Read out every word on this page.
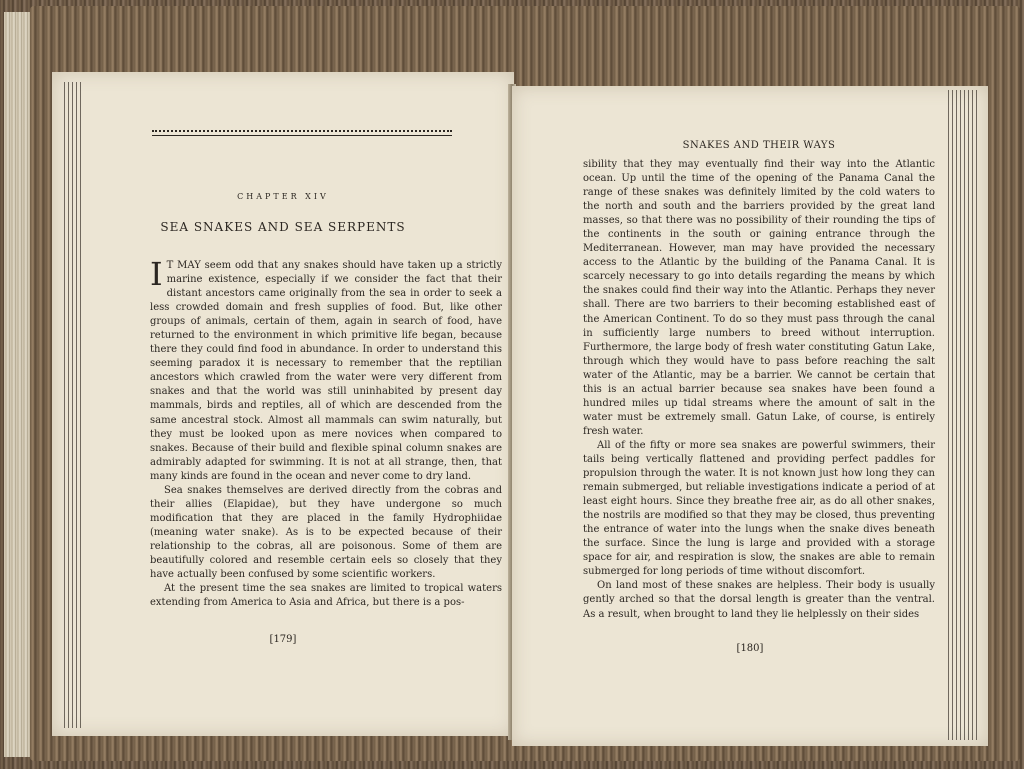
CHAPTER XIV
SEA SNAKES AND SEA SERPENTS

I T MAY seem odd that any snakes should have taken up a strictly marine existence, especially if we consider the fact that their distant ancestors came originally from the sea in order to seek a less crowded domain and fresh supplies of food. But, like other groups of animals, certain of them, again in search of food, have returned to the environment in which primitive life began, because there they could find food in abundance. In order to understand this seeming paradox it is necessary to remember that the reptilian ancestors which crawled from the water were very different from snakes and that the world was still uninhabited by present day mammals, birds and reptiles, all of which are descended from the same ancestral stock. Almost all mammals can swim naturally, but they must be looked upon as mere novices when compared to snakes. Because of their build and flexible spinal column snakes are admirably adapted for swimming. It is not at all strange, then, that many kinds are found in the ocean and never come to dry land.

Sea snakes themselves are derived directly from the cobras and their allies (Elapidae), but they have undergone so much modification that they are placed in the family Hydrophiidae (meaning water snake). As is to be expected because of their relationship to the cobras, all are poisonous. Some of them are beautifully colored and resemble certain eels so closely that they have actually been confused by some scientific workers.

At the present time the sea snakes are limited to tropical waters extending from America to Asia and Africa, but there is a pos-

[179]
SNAKES AND THEIR WAYS

sibility that they may eventually find their way into the Atlantic ocean. Up until the time of the opening of the Panama Canal the range of these snakes was definitely limited by the cold waters to the north and south and the barriers provided by the great land masses, so that there was no possibility of their rounding the tips of the continents in the south or gaining entrance through the Mediterranean. However, man may have provided the necessary access to the Atlantic by the building of the Panama Canal. It is scarcely necessary to go into details regarding the means by which the snakes could find their way into the Atlantic. Perhaps they never shall. There are two barriers to their becoming established east of the American Continent. To do so they must pass through the canal in sufficiently large numbers to breed without interruption. Furthermore, the large body of fresh water constituting Gatun Lake, through which they would have to pass before reaching the salt water of the Atlantic, may be a barrier. We cannot be certain that this is an actual barrier because sea snakes have been found a hundred miles up tidal streams where the amount of salt in the water must be extremely small. Gatun Lake, of course, is entirely fresh water.

All of the fifty or more sea snakes are powerful swimmers, their tails being vertically flattened and providing perfect paddles for propulsion through the water. It is not known just how long they can remain submerged, but reliable investigations indicate a period of at least eight hours. Since they breathe free air, as do all other snakes, the nostrils are modified so that they may be closed, thus preventing the entrance of water into the lungs when the snake dives beneath the surface. Since the lung is large and provided with a storage space for air, and respiration is slow, the snakes are able to remain submerged for long periods of time without discomfort.

On land most of these snakes are helpless. Their body is usually gently arched so that the dorsal length is greater than the ventral. As a result, when brought to land they lie helplessly on their sides

[180]
